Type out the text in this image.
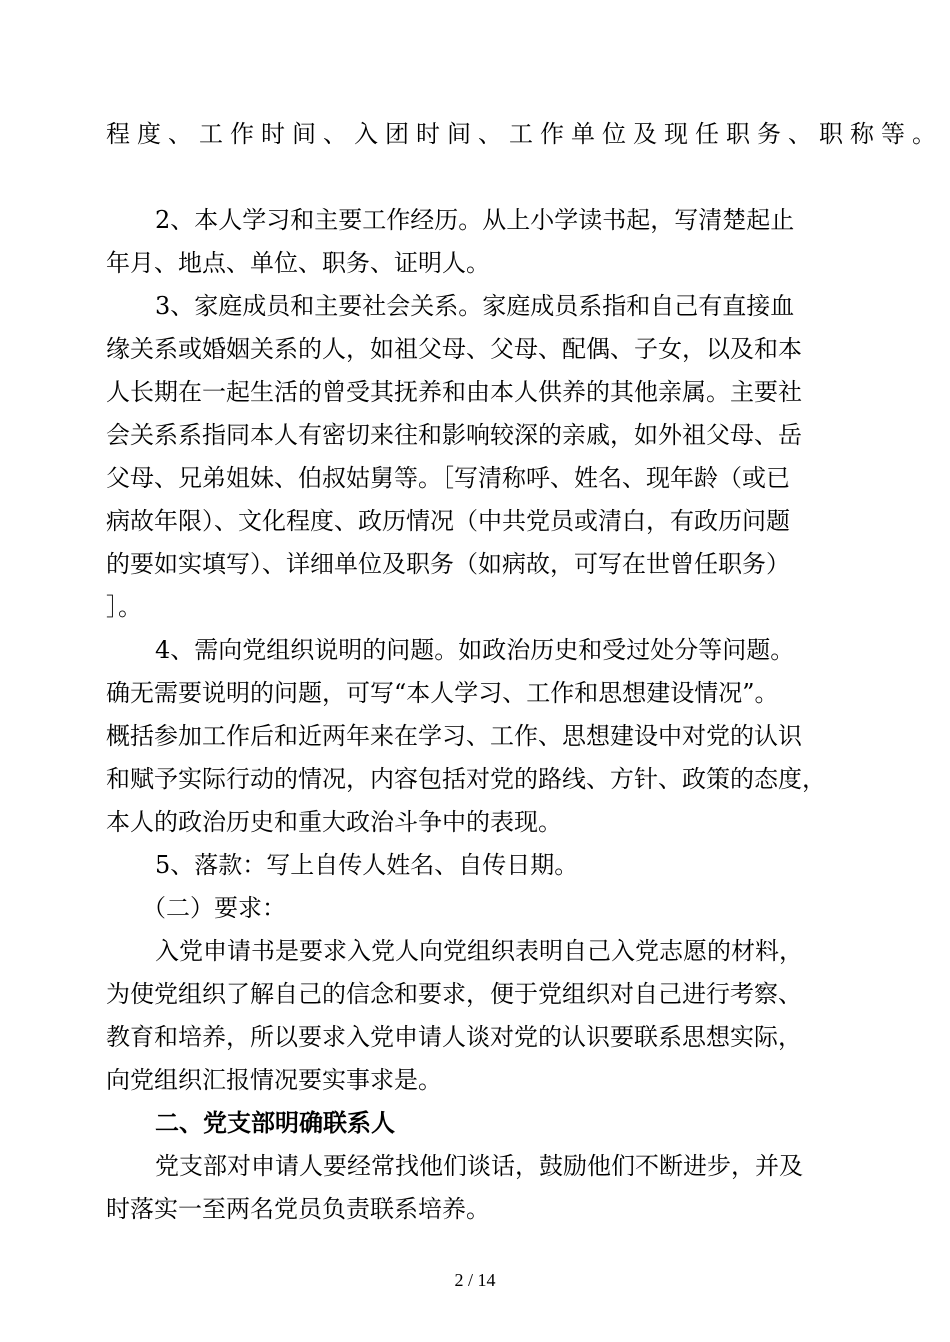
程度、工作时间、入团时间、工作单位及现任职务、职称等。
2、本人学习和主要工作经历。从上小学读书起，写清楚起止
年月、地点、单位、职务、证明人。
3、家庭成员和主要社会关系。家庭成员系指和自己有直接血
缘关系或婚姻关系的人，如祖父母、父母、配偶、子女，以及和本
人长期在一起生活的曾受其抚养和由本人供养的其他亲属。主要社
会关系系指同本人有密切来往和影响较深的亲戚，如外祖父母、岳
父母、兄弟姐妹、伯叔姑舅等。［写清称呼、姓名、现年龄（或已
病故年限）、文化程度、政历情况（中共党员或清白，有政历问题
的要如实填写）、详细单位及职务（如病故，可写在世曾任职务）
］。
4、需向党组织说明的问题。如政治历史和受过处分等问题。
确无需要说明的问题，可写“本人学习、工作和思想建设情况”。
概括参加工作后和近两年来在学习、工作、思想建设中对党的认识
和赋予实际行动的情况，内容包括对党的路线、方针、政策的态度，
本人的政治历史和重大政治斗争中的表现。
5、落款：写上自传人姓名、自传日期。
（二）要求：
入党申请书是要求入党人向党组织表明自己入党志愿的材料，
为使党组织了解自己的信念和要求，便于党组织对自己进行考察、
教育和培养，所以要求入党申请人谈对党的认识要联系思想实际，
向党组织汇报情况要实事求是。
二、党支部明确联系人
党支部对申请人要经常找他们谈话，鼓励他们不断进步，并及
时落实一至两名党员负责联系培养。
2 / 14
